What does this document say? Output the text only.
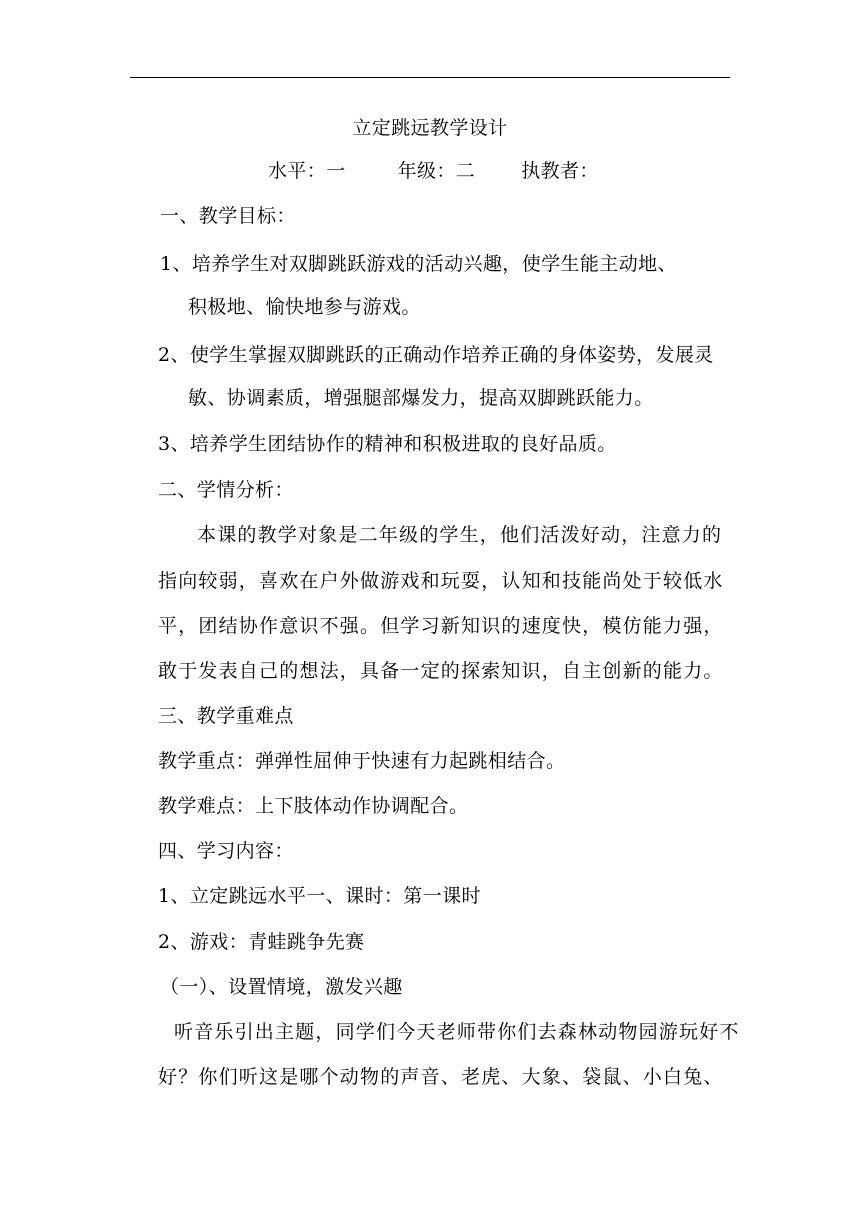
立定跳远教学设计
水平：一	年级：二 执教者：
一、教学目标：
1、培养学生对双脚跳跃游戏的活动兴趣，使学生能主动地、
积极地、愉快地参与游戏。
2、使学生掌握双脚跳跃的正确动作培养正确的身体姿势，发展灵
敏、协调素质，增强腿部爆发力，提高双脚跳跃能力。
3、培养学生团结协作的精神和积极进取的良好品质。
二、学情分析：
本课的教学对象是二年级的学生，他们活泼好动，注意力的
指向较弱，喜欢在户外做游戏和玩耍，认知和技能尚处于较低水
平，团结协作意识不强。但学习新知识的速度快，模仿能力强，
敢于发表自己的想法，具备一定的探索知识，自主创新的能力。
三、教学重难点
教学重点：弹弹性屈伸于快速有力起跳相结合。
教学难点：上下肢体动作协调配合。
四、学习内容：
1、立定跳远水平一、课时：第一课时
2、游戏：青蛙跳争先赛
（一）、设置情境，激发兴趣
听音乐引出主题，同学们今天老师带你们去森林动物园游玩好不
好？你们听这是哪个动物的声音、老虎、大象、袋鼠、小白兔、
